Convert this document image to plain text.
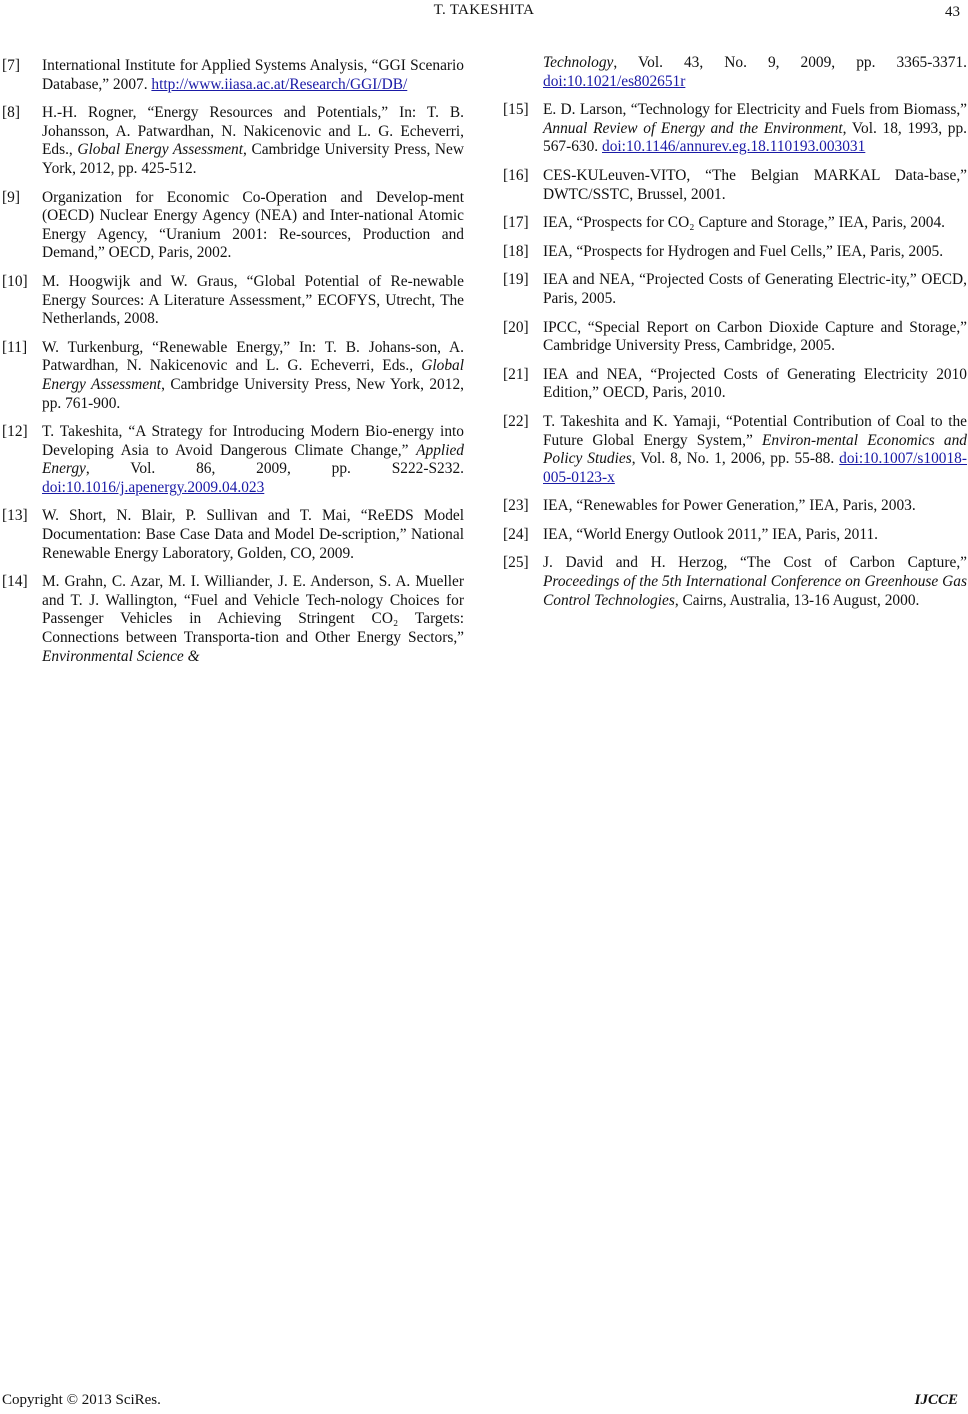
T. TAKESHITA	43
[7] International Institute for Applied Systems Analysis, “GGI Scenario Database,” 2007. http://www.iiasa.ac.at/Research/GGI/DB/
[8] H.-H. Rogner, “Energy Resources and Potentials,” In: T. B. Johansson, A. Patwardhan, N. Nakicenovic and L. G. Echeverri, Eds., Global Energy Assessment, Cambridge University Press, New York, 2012, pp. 425-512.
[9] Organization for Economic Co‑Operation and Develop-ment (OECD) Nuclear Energy Agency (NEA) and Inter-national Atomic Energy Agency, “Uranium 2001: Re-sources, Production and Demand,” OECD, Paris, 2002.
[10] M. Hoogwijk and W. Graus, “Global Potential of Re-newable Energy Sources: A Literature Assessment,” ECOFYS, Utrecht, The Netherlands, 2008.
[11] W. Turkenburg, “Renewable Energy,” In: T. B. Johans-son, A. Patwardhan, N. Nakicenovic and L. G. Echeverri, Eds., Global Energy Assessment, Cambridge University Press, New York, 2012, pp. 761-900.
[12] T. Takeshita, “A Strategy for Introducing Modern Bio-energy into Developing Asia to Avoid Dangerous Climate Change,” Applied Energy, Vol. 86, 2009, pp. S222-S232. doi:10.1016/j.apenergy.2009.04.023
[13] W. Short, N. Blair, P. Sullivan and T. Mai, “ReEDS Model Documentation: Base Case Data and Model De-scription,” National Renewable Energy Laboratory, Golden, CO, 2009.
[14] M. Grahn, C. Azar, M. I. Williander, J. E. Anderson, S. A. Mueller and T. J. Wallington, “Fuel and Vehicle Tech-nology Choices for Passenger Vehicles in Achieving Stringent CO₂ Targets: Connections between Transporta-tion and Other Energy Sectors,” Environmental Science &
Technology, Vol. 43, No. 9, 2009, pp. 3365-3371. doi:10.1021/es802651r
[15] E. D. Larson, “Technology for Electricity and Fuels from Biomass,” Annual Review of Energy and the Environment, Vol. 18, 1993, pp. 567-630. doi:10.1146/annurev.eg.18.110193.003031
[16] CES-KULeuven-VITO, “The Belgian MARKAL Data-base,” DWTC/SSTC, Brussel, 2001.
[17] IEA, “Prospects for CO₂ Capture and Storage,” IEA, Paris, 2004.
[18] IEA, “Prospects for Hydrogen and Fuel Cells,” IEA, Paris, 2005.
[19] IEA and NEA, “Projected Costs of Generating Electric-ity,” OECD, Paris, 2005.
[20] IPCC, “Special Report on Carbon Dioxide Capture and Storage,” Cambridge University Press, Cambridge, 2005.
[21] IEA and NEA, “Projected Costs of Generating Electricity 2010 Edition,” OECD, Paris, 2010.
[22] T. Takeshita and K. Yamaji, “Potential Contribution of Coal to the Future Global Energy System,” Environ-mental Economics and Policy Studies, Vol. 8, No. 1, 2006, pp. 55-88. doi:10.1007/s10018-005-0123-x
[23] IEA, “Renewables for Power Generation,” IEA, Paris, 2003.
[24] IEA, “World Energy Outlook 2011,” IEA, Paris, 2011.
[25] J. David and H. Herzog, “The Cost of Carbon Capture,” Proceedings of the 5th International Conference on Greenhouse Gas Control Technologies, Cairns, Australia, 13-16 August, 2000.
Copyright © 2013 SciRes.	IJCCE
